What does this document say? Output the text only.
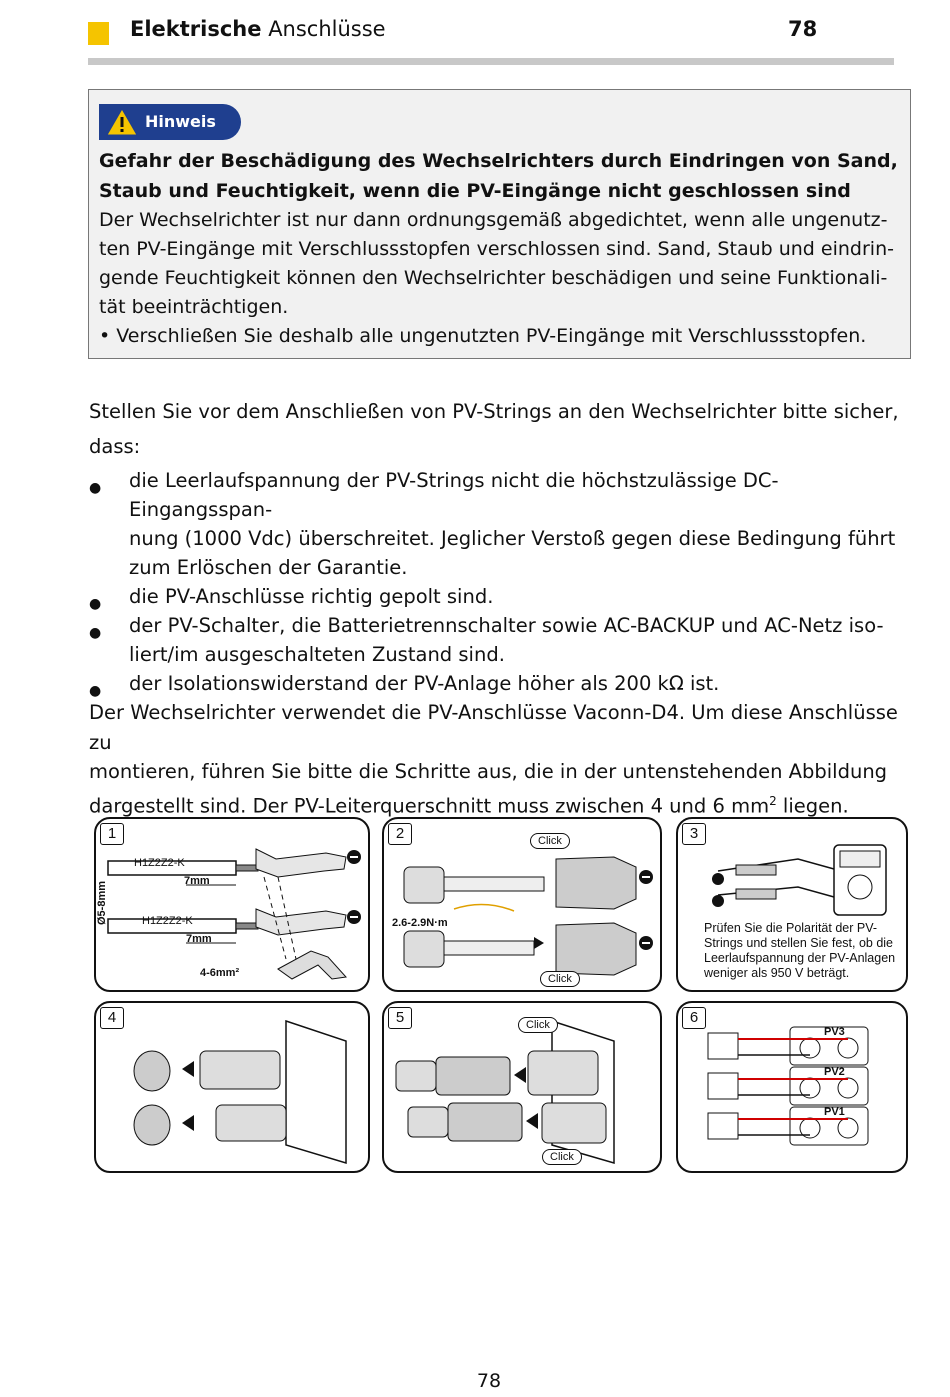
Elektrische Anschlüsse	78
Hinweis
Gefahr der Beschädigung des Wechselrichters durch Eindringen von Sand,
Staub und Feuchtigkeit, wenn die PV-Eingänge nicht geschlossen sind
Der Wechselrichter ist nur dann ordnungsgemäß abgedichtet, wenn alle ungenutz-
ten PV-Eingänge mit Verschlussstopfen verschlossen sind. Sand, Staub und eindrin-
gende Feuchtigkeit können den Wechselrichter beschädigen und seine Funktionali-
tät beeinträchtigen.
• Verschließen Sie deshalb alle ungenutzten PV-Eingänge mit Verschlussstopfen.
Stellen Sie vor dem Anschließen von PV-Strings an den Wechselrichter bitte sicher,
dass:
● die Leerlaufspannung der PV-Strings nicht die höchstzulässige DC-Eingangsspan-
nung (1000 Vdc) überschreitet. Jeglicher Verstoß gegen diese Bedingung führt
zum Erlöschen der Garantie.
● die PV-Anschlüsse richtig gepolt sind.
● der PV-Schalter, die Batterietrennschalter sowie AC-BACKUP und AC-Netz iso-
liert/im ausgeschalteten Zustand sind.
● der Isolationswiderstand der PV-Anlage höher als 200 kΩ ist.
Der Wechselrichter verwendet die PV-Anschlüsse Vaconn-D4. Um diese Anschlüsse zu
montieren, führen Sie bitte die Schritte aus, die in der untenstehenden Abbildung
dargestellt sind. Der PV-Leiterquerschnitt muss zwischen 4 und 6 $mm^2$ liegen.
1
H1Z2Z2-K
H1Z2Z2-K
7mm
7mm
Ø5-8mm
4-6mm²
2	Click
Click
2.6-2.9N·m
3
Prüfen Sie die Polarität der PV-Strings und stellen Sie fest, ob die Leerlaufspannung der PV-Anlagen weniger als 950 V beträgt.
4	5	Click
Click
6
PV3
PV2
PV1
78
